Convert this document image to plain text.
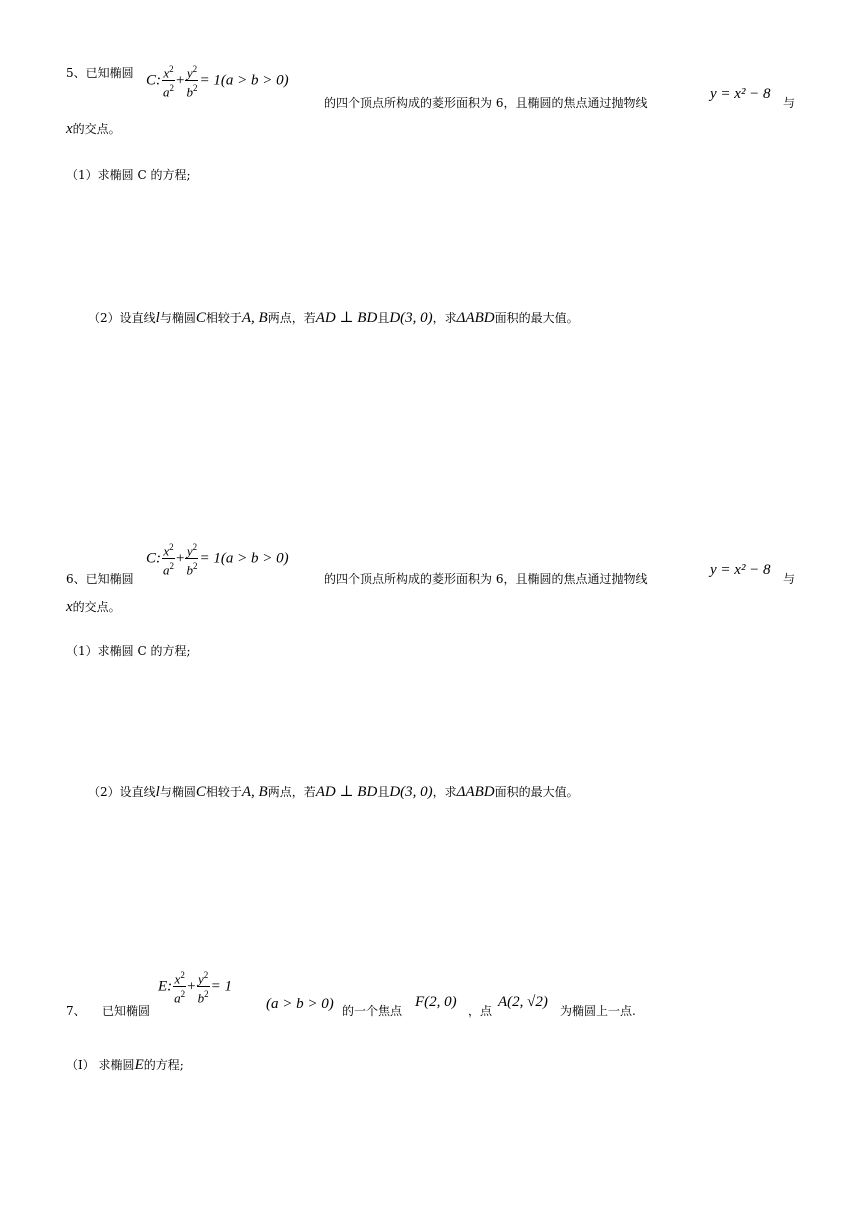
5、已知椭圆 C: $\frac{x^2}{a^2} + \frac{y^2}{b^2} = 1(a > b > 0)$
的四个顶点所构成的菱形面积为 6，且椭圆的焦点通过抛物线
y = x² − 8
与
x的交点。
（1）求椭圆 C 的方程;
（2）设直线l与椭圆C相较于A, B两点，若AD ⊥ BD且D(3, 0)，求ΔABD面积的最大值。
6、已知椭圆
C: $\frac{x^2}{a^2} + \frac{y^2}{b^2} = 1(a > b > 0)$
的四个顶点所构成的菱形面积为 6，且椭圆的焦点通过抛物线
y = x² − 8
与
x的交点。
（1）求椭圆 C 的方程;
（2）设直线l与椭圆C相较于A, B两点，若AD ⊥ BD且D(3, 0)，求ΔABD面积的最大值。
7、 已知椭圆
E: $\frac{x^2}{a^2} + \frac{y^2}{b^2} = 1$
(a > b > 0) 的一个焦点
F(2, 0)
，点
A(2, √2)
为椭圆上一点.
（Ⅰ） 求椭圆E的方程;
